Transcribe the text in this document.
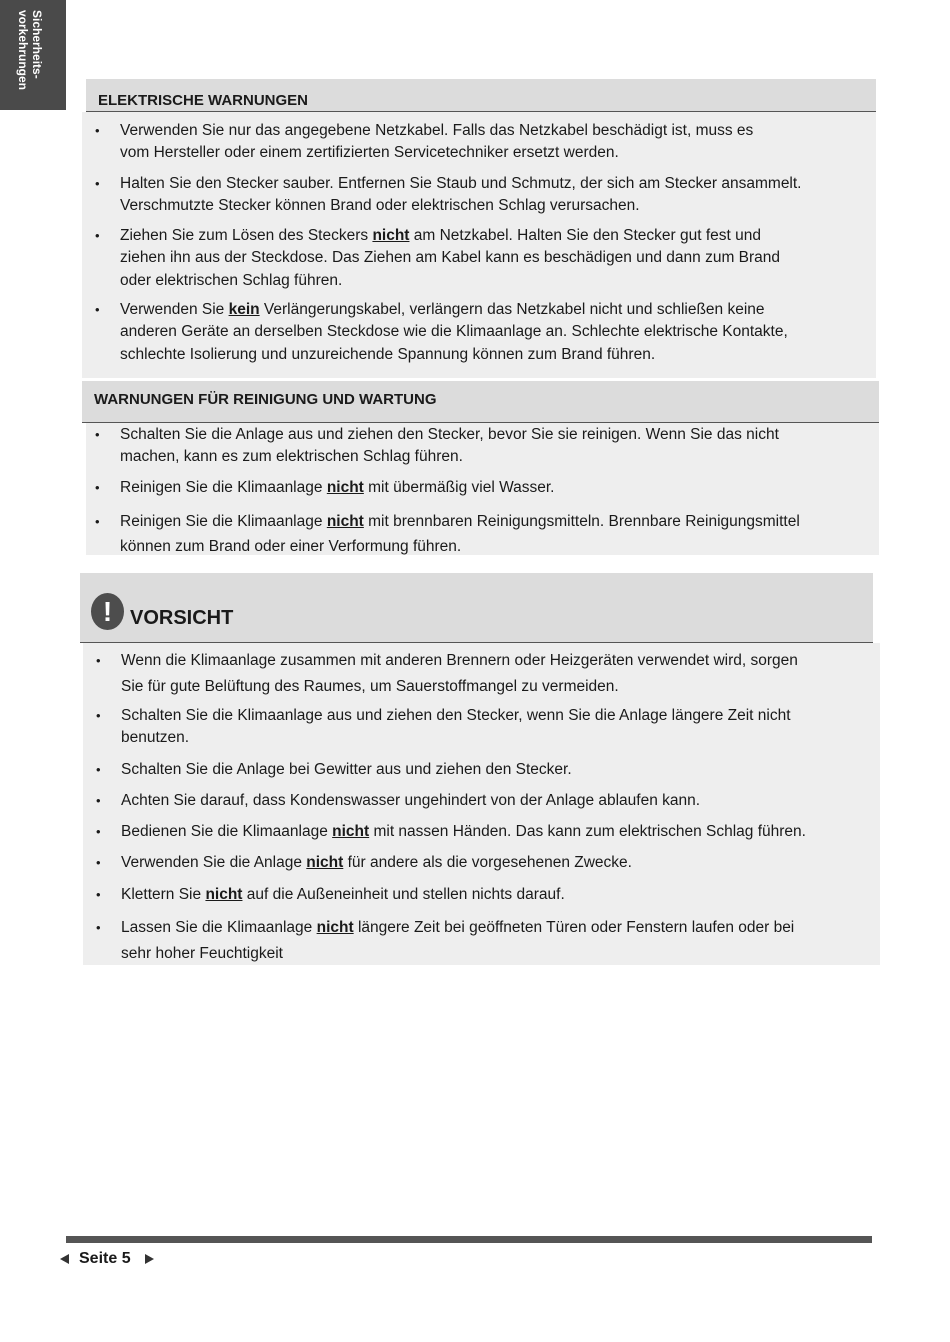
Sicherheits-
vorkehrungen
ELEKTRISCHE WARNUNGEN
• Verwenden Sie nur das angegebene Netzkabel. Falls das Netzkabel beschädigt ist, muss es
vom Hersteller oder einem zertifizierten Servicetechniker ersetzt werden.
• Halten Sie den Stecker sauber. Entfernen Sie Staub und Schmutz, der sich am Stecker ansammelt.
Verschmutzte Stecker können Brand oder elektrischen Schlag verursachen.
• Ziehen Sie zum Lösen des Steckers nicht am Netzkabel. Halten Sie den Stecker gut fest und
ziehen ihn aus der Steckdose. Das Ziehen am Kabel kann es beschädigen und dann zum Brand
oder elektrischen Schlag führen.
• Verwenden Sie kein Verlängerungskabel, verlängern das Netzkabel nicht und schließen keine
anderen Geräte an derselben Steckdose wie die Klimaanlage an. Schlechte elektrische Kontakte,
schlechte Isolierung und unzureichende Spannung können zum Brand führen.
WARNUNGEN FÜR REINIGUNG UND WARTUNG
• Schalten Sie die Anlage aus und ziehen den Stecker, bevor Sie sie reinigen. Wenn Sie das nicht
machen, kann es zum elektrischen Schlag führen.
• Reinigen Sie die Klimaanlage nicht mit übermäßig viel Wasser.
• Reinigen Sie die Klimaanlage nicht mit brennbaren Reinigungsmitteln. Brennbare Reinigungsmittel
können zum Brand oder einer Verformung führen.
! VORSICHT
• Wenn die Klimaanlage zusammen mit anderen Brennern oder Heizgeräten verwendet wird, sorgen
Sie für gute Belüftung des Raumes, um Sauerstoffmangel zu vermeiden.
• Schalten Sie die Klimaanlage aus und ziehen den Stecker, wenn Sie die Anlage längere Zeit nicht
benutzen.
• Schalten Sie die Anlage bei Gewitter aus und ziehen den Stecker.
• Achten Sie darauf, dass Kondenswasser ungehindert von der Anlage ablaufen kann.
• Bedienen Sie die Klimaanlage nicht mit nassen Händen. Das kann zum elektrischen Schlag führen.
• Verwenden Sie die Anlage nicht für andere als die vorgesehenen Zwecke.
• Klettern Sie nicht auf die Außeneinheit und stellen nichts darauf.
• Lassen Sie die Klimaanlage nicht längere Zeit bei geöffneten Türen oder Fenstern laufen oder bei
sehr hoher Feuchtigkeit
Seite 5
